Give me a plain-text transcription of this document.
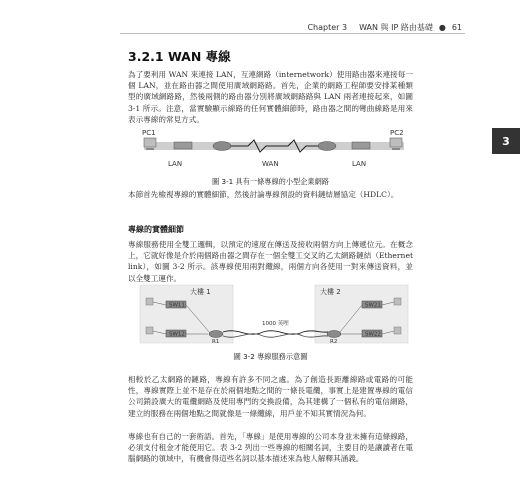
Chapter 3 WAN 與 IP 路由基礎 ● 61
3
3.2.1 WAN 專線
為了要利用 WAN 來連接 LAN，互連網路（internetwork）使用路由器來連接每一個 LAN，並在路由器之間使用廣域網路路。首先，企業的網路工程師要安排某種類型的廣域網路路，然後兩側的路由器分別將廣域網路路與 LAN 兩者連接起來，如圖 3-1 所示。注意，當實驗顯示線路的任何實體細節時，路由器之間的彎曲線路是用來表示專線的常見方式。
PC1	PC2
LAN	WAN	LAN
圖 3-1 具有一條專線的小型企業網路
本節首先檢視專線的實體細節，然後討論專線預設的資料鏈結層協定（HDLC）。
專線的實體細節
專線服務使用全雙工邏輯，以預定的速度在傳送及接收兩個方向上傳遞位元。在概念上，它就好像是介於兩個路由器之間存在一個全雙工交叉的乙太網路鏈結（Ethernet link），如圖 3-2 所示。該專線使用兩對纜線，兩個方向各使用一對來傳送資料，並以全雙工運作。
大樓 1	大樓 2
SW11
SW12
R1
1000 英哩
R2
SW21
SW22
圖 3-2 專線服務示意圖
相較於乙太網路的鏈路，專線有許多不同之處。為了創造長距離線路或電路的可能性，專線實際上並不是存在於兩個地點之間的一條長電纜，事實上是建置專線的電信公司銷設廣大的電纜網路及使用專門的交換設備，為其建構了一個私有的電信網路，建立的服務在兩個地點之間就像是一條纜線，用戶並不知其實情況為何。
專線也有自己的一套術語。首先，「專線」是使用專線的公司本身並未擁有這條線路，必須支付租金才能使用它。表 3-2 列出一些專線的相關名詞，主要目的是讓讀者在電腦網路的領域中，有機會得這些名詞以基本描述來為他人解釋其涵義。
